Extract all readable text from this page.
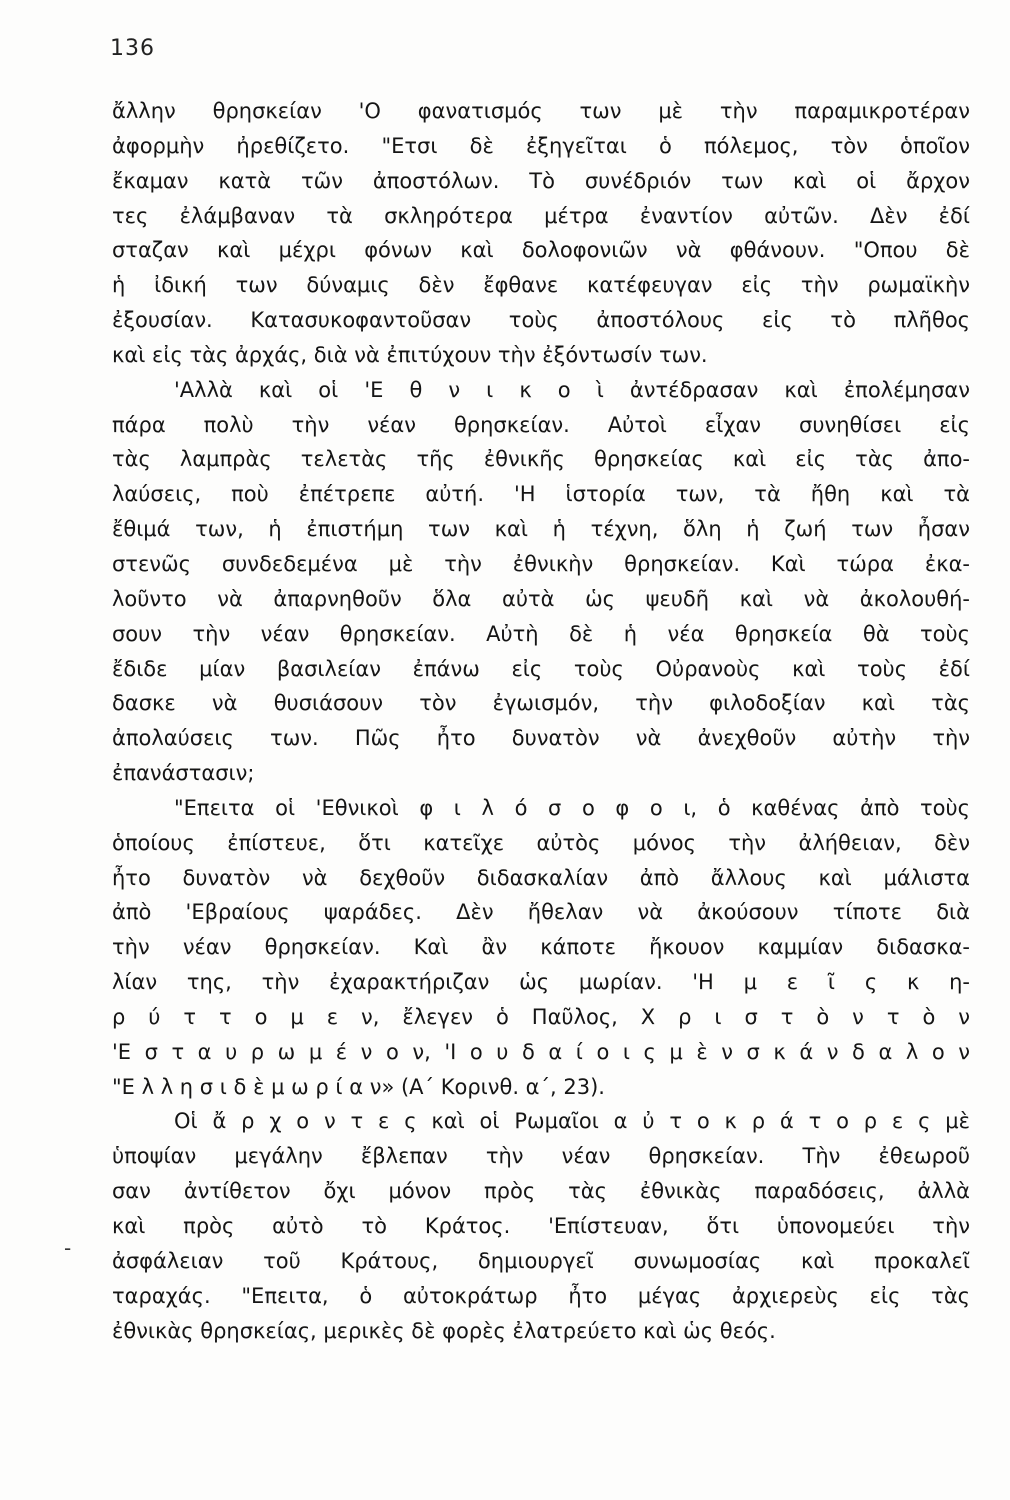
136
-
ἄλλην θρησκείαν 'Ο φανατισμός των μὲ τὴν παραμικροτέραν
ἀφορμὴν ἠρεθίζετο. "Ετσι δὲ ἐξηγεῖται ὁ πόλεμος, τὸν ὁποῖον
ἔκαμαν κατὰ τῶν ἀποστόλων. Τὸ συνέδριόν των καὶ οἱ ἄρχον
τες ἐλάμβαναν τὰ σκληρότερα μέτρα ἐναντίον αὐτῶν. Δὲν ἐδί
σταζαν καὶ μέχρι φόνων καὶ δολοφονιῶν νὰ φθάνουν. "Οπου δὲ
ἡ ἰδική των δύναμις δὲν ἔφθανε κατέφευγαν εἰς τὴν ρωμαϊκὴν
ἐξουσίαν. Κατασυκοφαντοῦσαν τοὺς ἀποστόλους εἰς τὸ πλῆθος
καὶ εἰς τὰς ἀρχάς, διὰ νὰ ἐπιτύχουν τὴν ἐξόντωσίν των.
'Αλλὰ καὶ οἱ 'Ε θ ν ι κ ο ὶ ἀντέδρασαν καὶ ἐπολέμησαν
πάρα πολὺ τὴν νέαν θρησκείαν. Αὐτοὶ εἶχαν συνηθίσει εἰς
τὰς λαμπρὰς τελετὰς τῆς ἐθνικῆς θρησκείας καὶ εἰς τὰς ἀπο-
λαύσεις, ποὺ ἐπέτρεπε αὐτή. 'Η ἱστορία των, τὰ ἤθη καὶ τὰ
ἔθιμά των, ἡ ἐπιστήμη των καὶ ἡ τέχνη, ὅλη ἡ ζωή των ἦσαν
στενῶς συνδεδεμένα μὲ τὴν ἐθνικὴν θρησκείαν. Καὶ τώρα ἐκα-
λοῦντο νὰ ἀπαρνηθοῦν ὅλα αὐτὰ ὡς ψευδῆ καὶ νὰ ἀκολουθή-
σουν τὴν νέαν θρησκείαν. Αὐτὴ δὲ ἡ νέα θρησκεία θὰ τοὺς
ἔδιδε μίαν βασιλείαν ἐπάνω εἰς τοὺς Οὐρανοὺς καὶ τοὺς ἐδί
δασκε νὰ θυσιάσουν τὸν ἐγωισμόν, τὴν φιλοδοξίαν καὶ τὰς
ἀπολαύσεις των. Πῶς ἦτο δυνατὸν νὰ ἀνεχθοῦν αὐτὴν τὴν
ἐπανάστασιν;
"Επειτα οἱ 'Εθνικοὶ φ ι λ ό σ ο φ ο ι, ὁ καθένας ἀπὸ τοὺς
ὁποίους ἐπίστευε, ὅτι κατεῖχε αὐτὸς μόνος τὴν ἀλήθειαν, δὲν
ἦτο δυνατὸν νὰ δεχθοῦν διδασκαλίαν ἀπὸ ἄλλους καὶ μάλιστα
ἀπὸ 'Εβραίους ψαράδες. Δὲν ἤθελαν νὰ ἀκούσουν τίποτε διὰ
τὴν νέαν θρησκείαν. Καὶ ἂν κάποτε ἤκουον καμμίαν διδασκα-
λίαν της, τὴν ἐχαρακτήριζαν ὡς μωρίαν. 'Η μ ε ῖ ς κ η-
ρ ύ τ τ ο μ ε ν, ἔλεγεν ὁ Παῦλος, Χ ρ ι σ τ ὸ ν τ ὸ ν
'Ε σ τ α υ ρ ω μ έ ν ο ν, 'Ι ο υ δ α ί ο ι ς μ ὲ ν σ κ ά ν δ α λ ο ν
"Ε λ λ η σ ι δ ὲ μ ω ρ ί α ν» (Α΄ Κορινθ. α΄, 23).
Οἱ ἄ ρ χ ο ν τ ε ς καὶ οἱ Ρωμαῖοι α ὐ τ ο κ ρ ά τ ο ρ ε ς μὲ
ὑποψίαν μεγάλην ἔβλεπαν τὴν νέαν θρησκείαν. Τὴν ἐθεωροῦ
σαν ἀντίθετον ὄχι μόνον πρὸς τὰς ἐθνικὰς παραδόσεις, ἀλλὰ
καὶ πρὸς αὐτὸ τὸ Κράτος. 'Επίστευαν, ὅτι ὑπονομεύει τὴν
ἀσφάλειαν τοῦ Κράτους, δημιουργεῖ συνωμοσίας καὶ προκαλεῖ
ταραχάς. "Επειτα, ὁ αὐτοκράτωρ ἦτο μέγας ἀρχιερεὺς εἰς τὰς
ἐθνικὰς θρησκείας, μερικὲς δὲ φορὲς ἐλατρεύετο καὶ ὡς θεός.
